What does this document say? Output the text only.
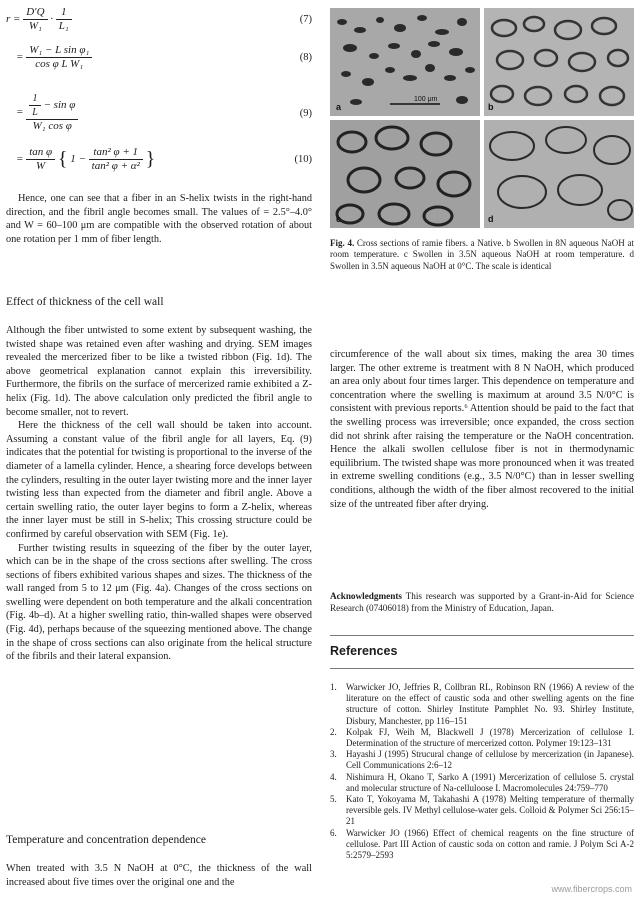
$r = \frac{D'Q}{\text{W₁}} \cdot \frac{1}{\text{L₁}}$	(7)
= $\frac{\text{W₁ − L sin φ₁}}{\text{cos φ L W₁}}$	(8)
= $\frac{\frac{1}{L} - \sin \varphi}{\text{W₁ cos φ}}$	(9)
= $\frac{\text{tan φ}}{W}$ { $1 - \frac{\text{tan² φ + 1}}{\text{tan² φ + α²}}$ }	(10)

Hence, one can see that a fiber in an S-helix twists in the right-hand direction, and the fibril angle becomes small. The values of = 2.5°–4.0° and W = 60–100 μm are compatible with the observed rotation of about one rotation per 1 mm of fiber length.

Effect of thickness of the cell wall

Although the fiber untwisted to some extent by subsequent washing, the twisted shape was retained even after washing and drying. SEM images revealed the mercerized fiber to be like a twisted ribbon (Fig. 1d). The above geometrical explanation cannot explain this irreversibility. Furthermore, the fibrils on the surface of mercerized ramie exhibited a Z-helix (Fig. 1d). The above calculation only predicted the fibril angle to become smaller, not to revert.

Here the thickness of the cell wall should be taken into account. Assuming a constant value of the fibril angle for all layers, Eq. (9) indicates that the potential for twisting is proportional to the inverse of the diameter of a lamella cylinder. Hence, a shearing force develops between the cylinders, resulting in the outer layer twisting more and the inner layer twisting less than expected from the diameter and fibril angle. Above a certain swelling ratio, the outer layer begins to form a Z-helix, whereas the inner layer must be still in S-helix; This crossing structure could be confirmed by careful observation with SEM (Fig. 1e).

Further twisting results in squeezing of the fiber by the outer layer, which can be in the shape of the cross sections after swelling. The cross sections of fibers exhibited various shapes and sizes. The thickness of the wall ranged from 5 to 12 μm (Fig. 4a). Changes of the cross sections on swelling were dependent on both temperature and the alkali concentration (Fig. 4b–d). At a higher swelling ratio, thin-walled shapes were observed (Fig. 4d), perhaps because of the squeezing mentioned above. The change in the shape of cross sections can also originate from the helical structure of the fibrils and their lateral expansion.

Temperature and concentration dependence

When treated with 3.5 N NaOH at 0°C, the thickness of the wall increased about five times over the original one and the

a
100 μm
b
c	d
Fig. 4. Cross sections of ramie fibers. a Native. b Swollen in 8N aqueous NaOH at room temperature. c Swollen in 3.5N aqueous NaOH at room temperature. d Swollen in 3.5N aqueous NaOH at 0°C. The scale is identical

circumference of the wall about six times, making the area 30 times larger. The other extreme is treatment with 8 N NaOH, which produced an area only about four times larger. This dependence on temperature and concentration where the swelling is maximum at around 3.5 N/0°C is consistent with previous reports.⁶ Attention should be paid to the fact that the swelling process was irreversible; once expanded, the cross section did not shrink after raising the temperature or the NaOH concentration. Hence the alkali swollen cellulose fiber is not in thermodynamic equilibrium. The twisted shape was more pronounced when it was treated in extreme swelling conditions (e.g., 3.5 N/0°C) than in lesser swelling conditions, although the width of the fiber almost recovered to the initial size of the untreated fiber after drying.

Acknowledgments This research was supported by a Grant-in-Aid for Science Research (07406018) from the Ministry of Education, Japan.
References
1. Warwicker JO, Jeffries R, Collbran RL, Robinson RN (1966) A review of the literature on the effect of caustic soda and other swelling agents on the fine structure of cotton. Shirley Institute Pamphlet No. 93. Shirley Institute, Disbury, Manchester, pp 116–151
2. Kolpak FJ, Weih M, Blackwell J (1978) Mercerization of cellulose I. Determination of the structure of mercerized cotton. Polymer 19:123–131
3. Hayashi J (1995) Strucural change of cellulose by mercerization (in Japanese). Cell Communications 2:6–12
4. Nishimura H, Okano T, Sarko A (1991) Mercerization of cellulose 5. crystal and molecular structure of Na-celluloose I. Macromolecules 24:759–770
5. Kato T, Yokoyama M, Takahashi A (1978) Melting temperature of thermally reversible gels. IV Methyl cellulose-water gels. Colloid & Polymer Sci 256:15–21
6. Warwicker JO (1966) Effect of chemical reagents on the fine structure of cellulose. Part III Action of caustic soda on cotton and ramie. J Polym Sci A-2 5:2579–2593
www.fibercrops.com
